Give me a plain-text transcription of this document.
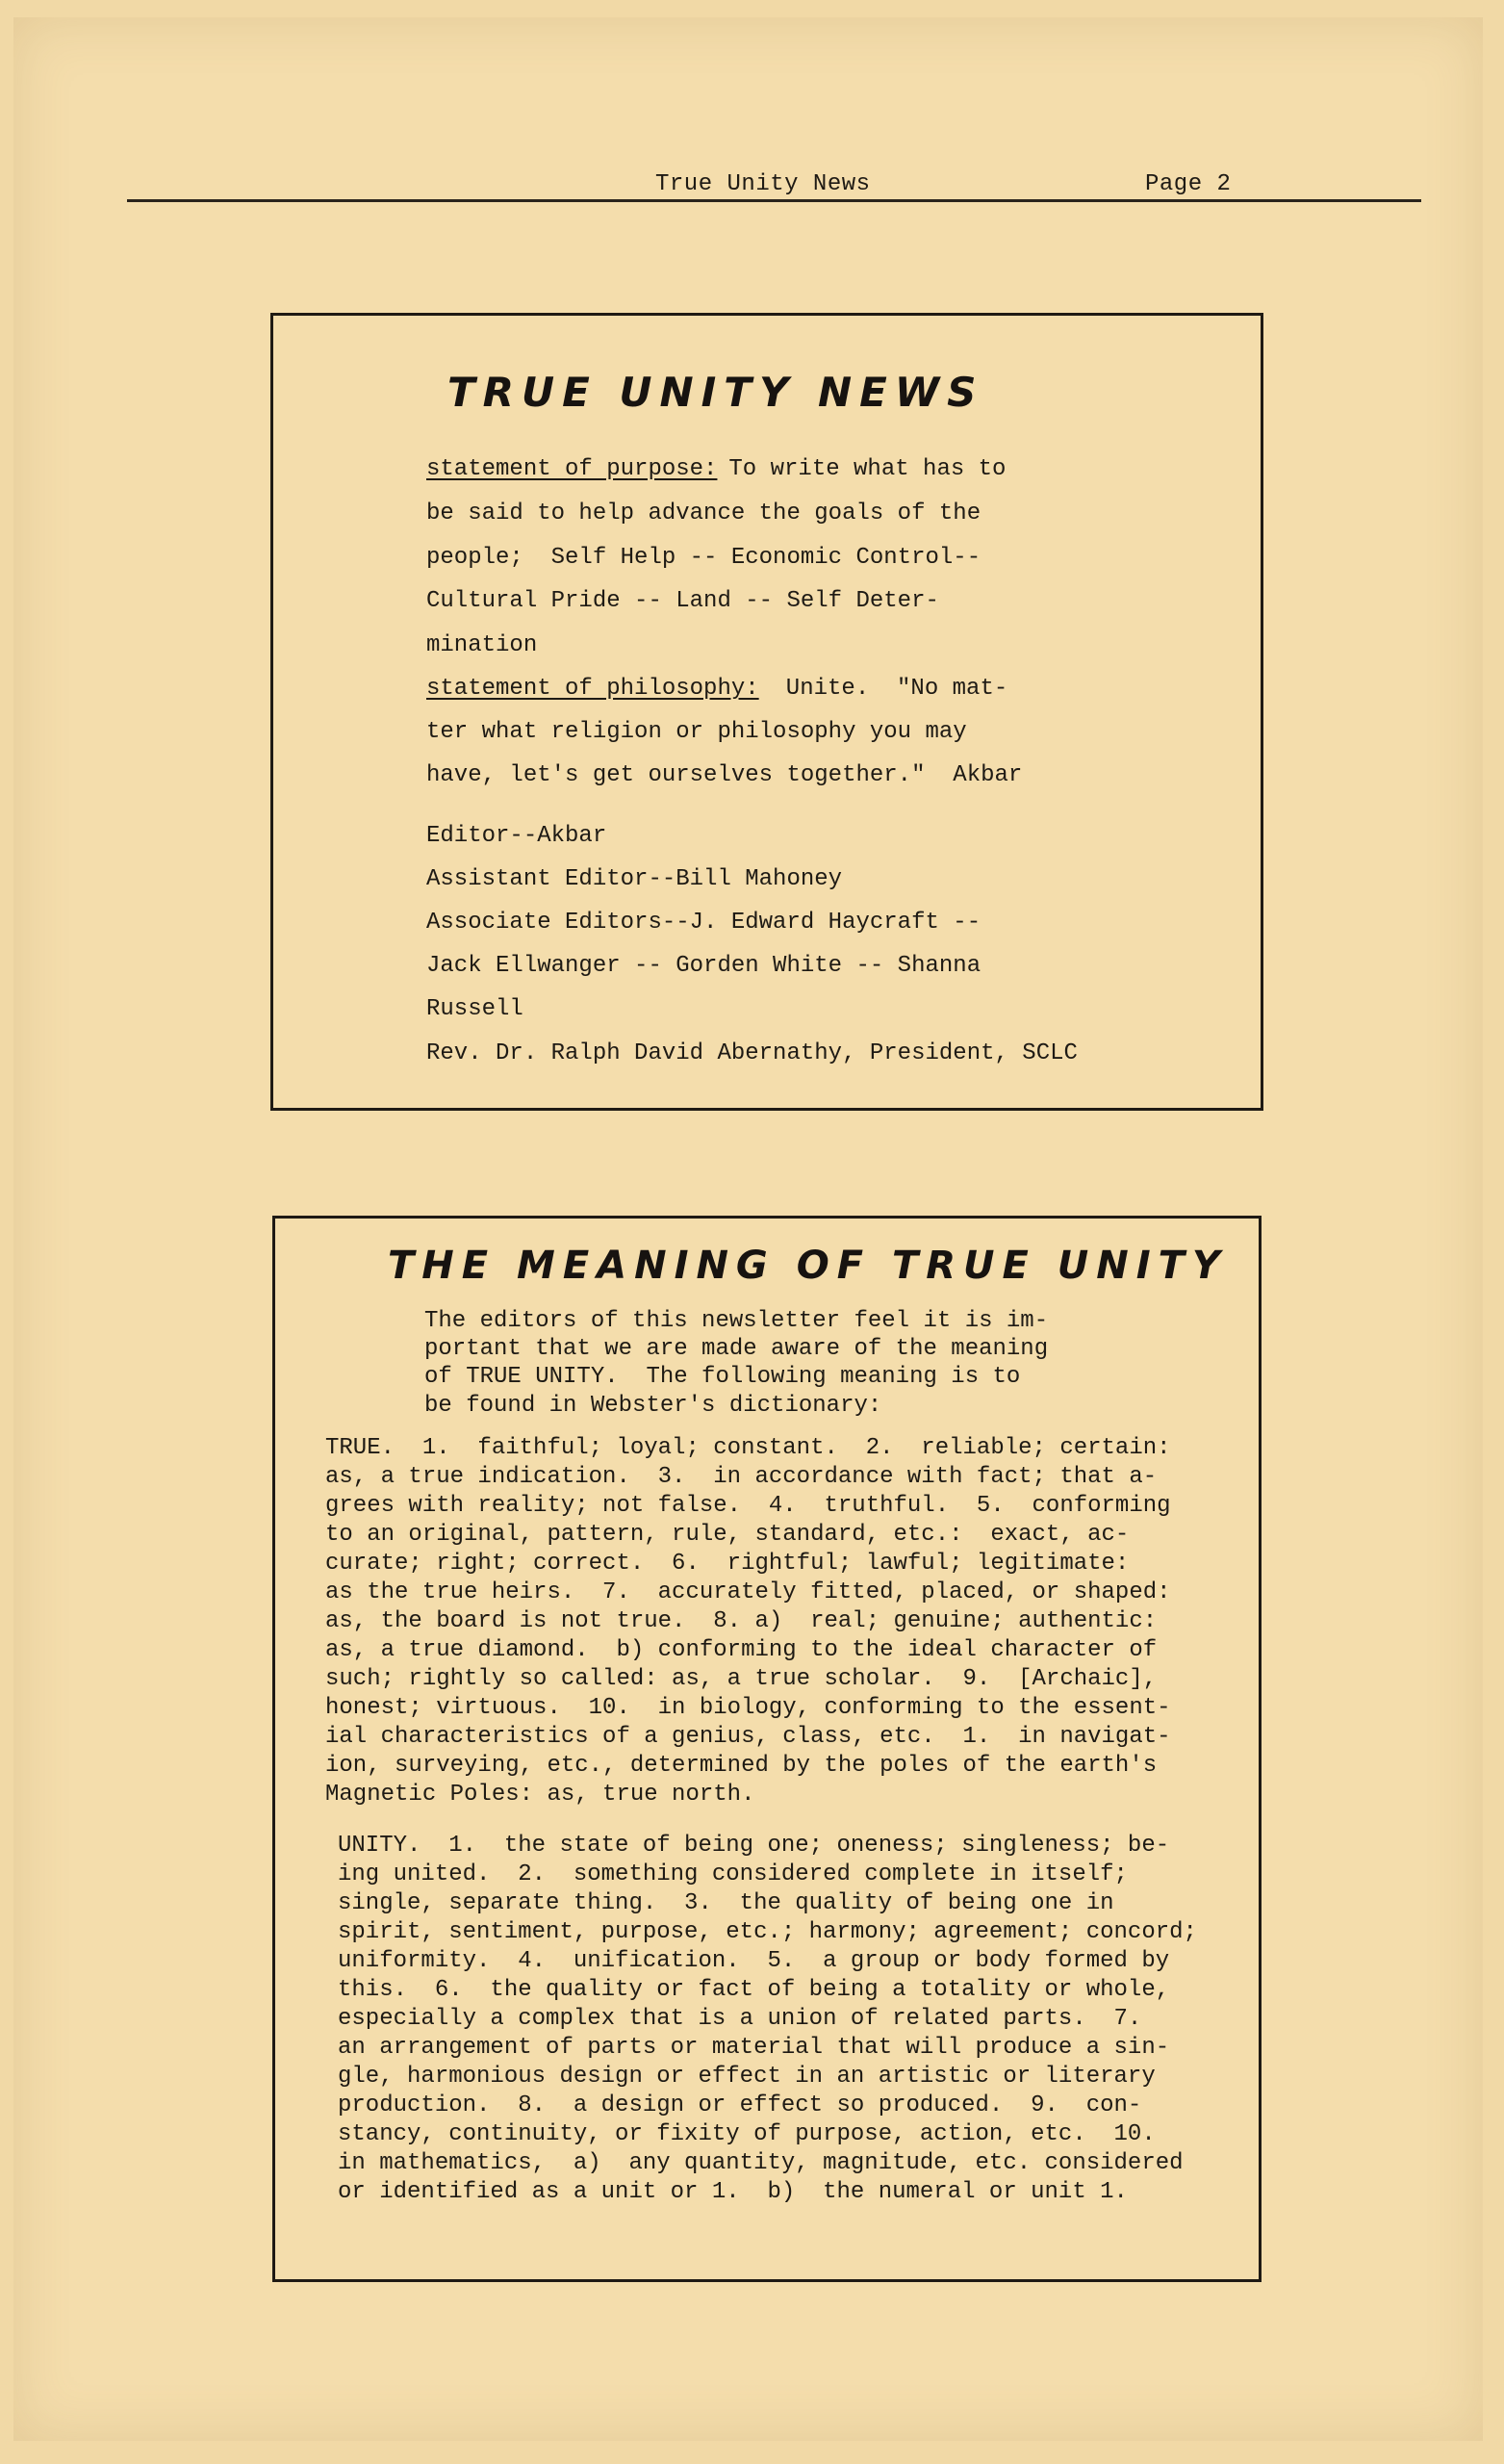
True Unity News	Page 2
TRUE UNITY NEWS
statement of purpose:
To write what has to
be said to help advance the goals of the
people;  Self Help -- Economic Control--
Cultural Pride -- Land -- Self Deter-
mination
statement of philosophy: Unite.  "No mat-
ter what religion or philosophy you may
have, let's get ourselves together."  Akbar
Editor--Akbar
Assistant Editor--Bill Mahoney
Associate Editors--J. Edward Haycraft --
Jack Ellwanger -- Gorden White -- Shanna
Russell
Rev. Dr. Ralph David Abernathy, President, SCLC
THE MEANING OF TRUE UNITY
The editors of this newsletter feel it is im-
portant that we are made aware of the meaning
of TRUE UNITY.  The following meaning is to
be found in Webster's dictionary:
TRUE.  1.  faithful; loyal; constant.  2.  reliable; certain:
as, a true indication.  3.  in accordance with fact; that a-
grees with reality; not false.  4.  truthful.  5.  conforming
to an original, pattern, rule, standard, etc.:  exact, ac-
curate; right; correct.  6.  rightful; lawful; legitimate:
as the true heirs.  7.  accurately fitted, placed, or shaped:
as, the board is not true.  8. a)  real; genuine; authentic:
as, a true diamond.  b) conforming to the ideal character of
such; rightly so called: as, a true scholar.  9.  [Archaic],
honest; virtuous.  10.  in biology, conforming to the essent-
ial characteristics of a genius, class, etc.  1.  in navigat-
ion, surveying, etc., determined by the poles of the earth's
Magnetic Poles: as, true north.
UNITY.  1.  the state of being one; oneness; singleness; be-
ing united.  2.  something considered complete in itself;
single, separate thing.  3.  the quality of being one in
spirit, sentiment, purpose, etc.; harmony; agreement; concord;
uniformity.  4.  unification.  5.  a group or body formed by
this.  6.  the quality or fact of being a totality or whole,
especially a complex that is a union of related parts.  7.
an arrangement of parts or material that will produce a sin-
gle, harmonious design or effect in an artistic or literary
production.  8.  a design or effect so produced.  9.  con-
stancy, continuity, or fixity of purpose, action, etc.  10.
in mathematics,  a)  any quantity, magnitude, etc. considered
or identified as a unit or 1.  b)  the numeral or unit 1.
